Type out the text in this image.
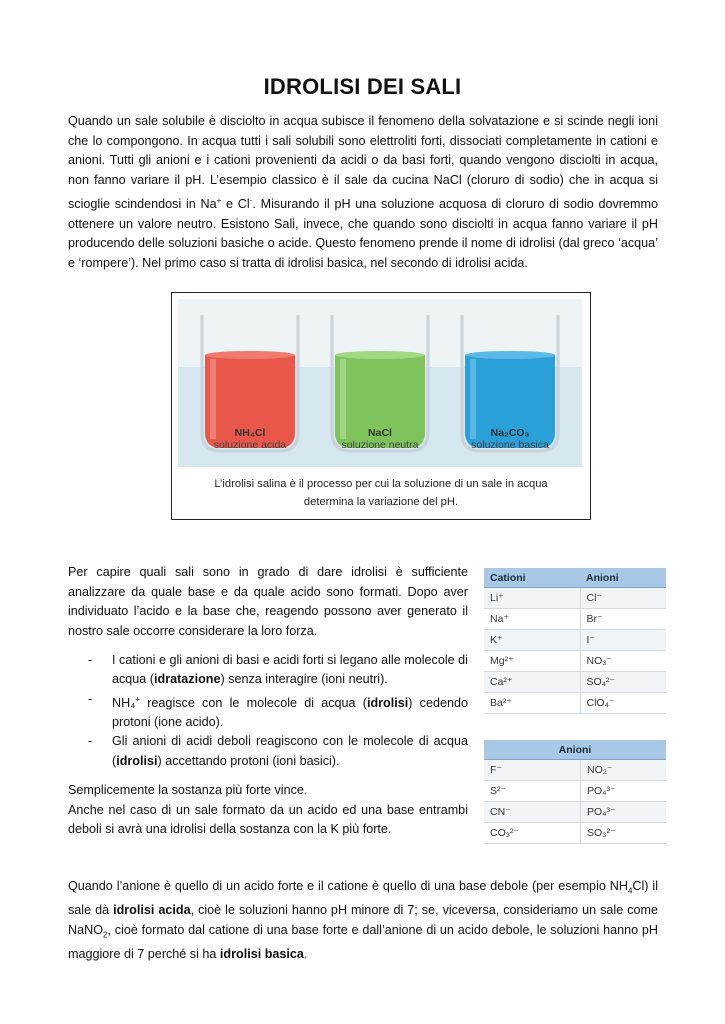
IDROLISI DEI SALI
Quando un sale solubile è disciolto in acqua subisce il fenomeno della solvatazione e si scinde negli ioni che lo compongono. In acqua tutti i sali solubili sono elettroliti forti, dissociati completamente in cationi e anioni. Tutti gli anioni e i cationi provenienti da acidi o da basi forti, quando vengono disciolti in acqua, non fanno variare il pH. L’esempio classico è il sale da cucina NaCl (cloruro di sodio) che in acqua si scioglie scindendosi in Na+ e Cl-. Misurando il pH una soluzione acquosa di cloruro di sodio dovremmo ottenere un valore neutro. Esistono Sali, invece, che quando sono disciolti in acqua fanno variare il pH producendo delle soluzioni basiche o acide. Questo fenomeno prende il nome di idrolisi (dal greco ‘acqua’ e ‘rompere’). Nel primo caso si tratta di idrolisi basica, nel secondo di idrolisi acida.
NH₄Cl
soluzione acida
NaCl
soluzione neutra
Na₂CO₃
soluzione basica
L’idrolisi salina è il processo per cui la soluzione di un sale in acqua
determina la variazione del pH.
Per capire quali sali sono in grado di dare idrolisi è sufficiente analizzare da quale base e da quale acido sono formati. Dopo aver individuato l’acido e la base che, reagendo possono aver generato il nostro sale occorre considerare la loro forza.
- I cationi e gli anioni di basi e acidi forti si legano alle molecole di acqua (idratazione) senza interagire (ioni neutri).
- NH₄+ reagisce con le molecole di acqua (idrolisi) cedendo protoni (ione acido).
- Gli anioni di acidi deboli reagiscono con le molecole di acqua (idrolisi) accettando protoni (ioni basici).
Semplicemente la sostanza più forte vince.
Anche nel caso di un sale formato da un acido ed una base entrambi deboli si avrà una idrolisi della sostanza con la K più forte.
Cationi	Anioni
Li⁺	Cl⁻
Na⁺	Br⁻
K⁺	I⁻
Mg²⁺	NO₃⁻
Ca²⁺	SO₄²⁻
Ba²⁺	ClO₄⁻
Anioni	
F⁻	NO₂⁻
S²⁻	PO₄³⁻
CN⁻	PO₄³⁻
CO₃²⁻	SO₃²⁻
Quando l’anione è quello di un acido forte e il catione è quello di una base debole (per esempio $NH_4Cl$) il sale dà idrolisi acida, cioè le soluzioni hanno pH minore di 7; se, viceversa, consideriamo un sale come NaNO$_2$, cioè formato dal catione di una base forte e dall’anione di un acido debole, le soluzioni hanno pH maggiore di 7 perché si ha idrolisi basica.
